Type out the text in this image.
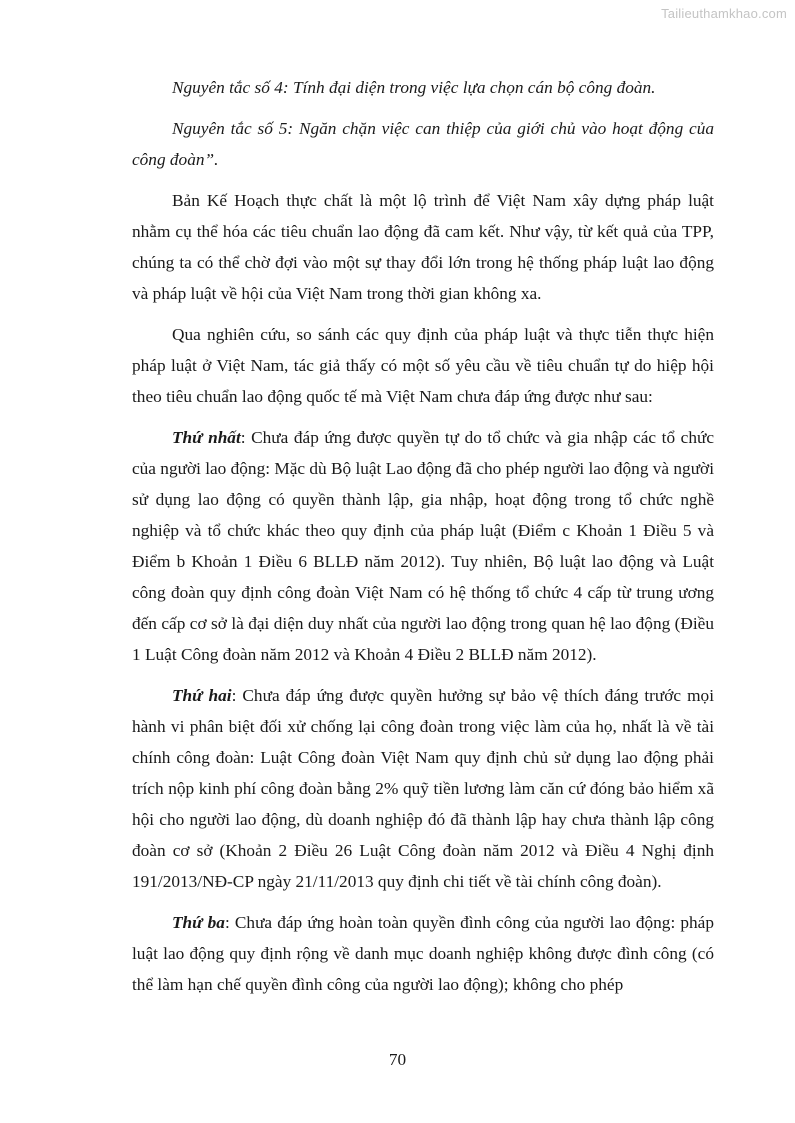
Tailieuthamkhao.com

Nguyên tắc số 4: Tính đại diện trong việc lựa chọn cán bộ công đoàn.

Nguyên tắc số 5: Ngăn chặn việc can thiệp của giới chủ vào hoạt động của công đoàn”.

Bản Kế Hoạch thực chất là một lộ trình để Việt Nam xây dựng pháp luật nhằm cụ thể hóa các tiêu chuẩn lao động đã cam kết. Như vậy, từ kết quả của TPP, chúng ta có thể chờ đợi vào một sự thay đổi lớn trong hệ thống pháp luật lao động và pháp luật về hội của Việt Nam trong thời gian không xa.

Qua nghiên cứu, so sánh các quy định của pháp luật và thực tiễn thực hiện pháp luật ở Việt Nam, tác giả thấy có một số yêu cầu về tiêu chuẩn tự do hiệp hội theo tiêu chuẩn lao động quốc tế mà Việt Nam chưa đáp ứng được như sau:

Thứ nhất: Chưa đáp ứng được quyền tự do tổ chức và gia nhập các tổ chức của người lao động: Mặc dù Bộ luật Lao động đã cho phép người lao động và người sử dụng lao động có quyền thành lập, gia nhập, hoạt động trong tổ chức nghề nghiệp và tổ chức khác theo quy định của pháp luật (Điểm c Khoản 1 Điều 5 và Điểm b Khoản 1 Điều 6 BLLĐ năm 2012). Tuy nhiên, Bộ luật lao động và Luật công đoàn quy định công đoàn Việt Nam có hệ thống tổ chức 4 cấp từ trung ương đến cấp cơ sở là đại diện duy nhất của người lao động trong quan hệ lao động (Điều 1 Luật Công đoàn năm 2012 và Khoản 4 Điều 2 BLLĐ năm 2012).

Thứ hai: Chưa đáp ứng được quyền hưởng sự bảo vệ thích đáng trước mọi hành vi phân biệt đối xử chống lại công đoàn trong việc làm của họ, nhất là về tài chính công đoàn: Luật Công đoàn Việt Nam quy định chủ sử dụng lao động phải trích nộp kinh phí công đoàn bằng 2% quỹ tiền lương làm căn cứ đóng bảo hiểm xã hội cho người lao động, dù doanh nghiệp đó đã thành lập hay chưa thành lập công đoàn cơ sở (Khoản 2 Điều 26 Luật Công đoàn năm 2012 và Điều 4 Nghị định 191/2013/NĐ-CP ngày 21/11/2013 quy định chi tiết về tài chính công đoàn).

Thứ ba: Chưa đáp ứng hoàn toàn quyền đình công của người lao động: pháp luật lao động quy định rộng về danh mục doanh nghiệp không được đình công (có thể làm hạn chế quyền đình công của người lao động); không cho phép

70
